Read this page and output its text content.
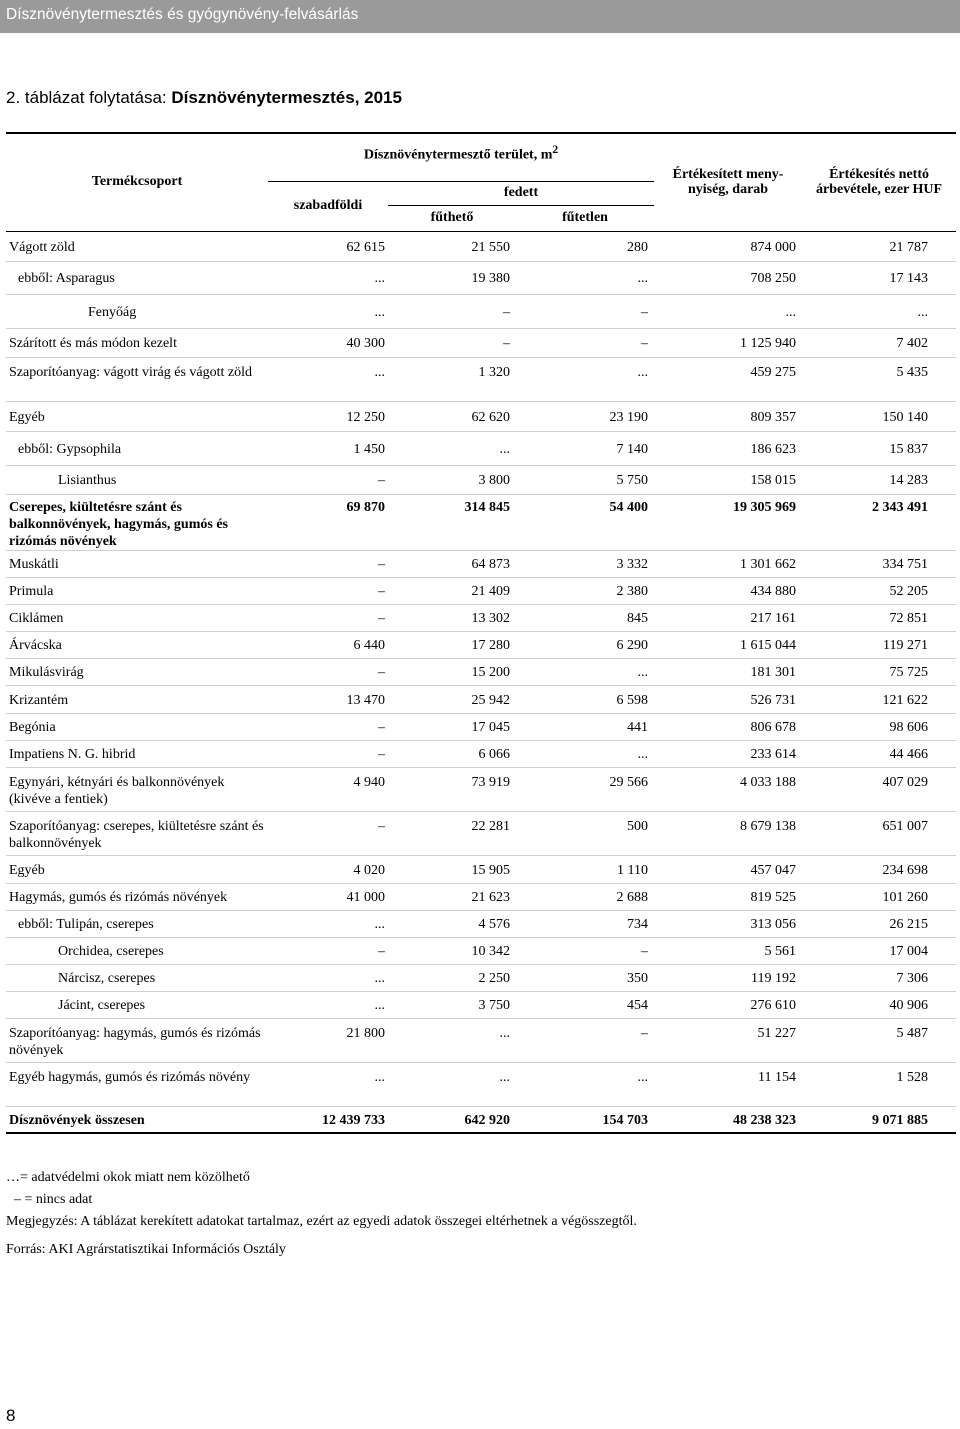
Dísznövénytermesztés és gyógynövény-felvásárlás
2. táblázat folytatása: Dísznövénytermesztés, 2015
Termékcsoport	Dísznövénytermesztő terület, $m^2$			Értékesített meny-nyiség, darab	Értékesítés nettó árbevétele, ezer HUF
	szabadföldi	fedett			
		fűthető	fűtetlen		
Vágott zöld	62 615	21 550	280	874 000	21 787
ebből: Asparagus	...	19 380	...	708 250	17 143
Fenyőág	...	–	–	...	...
Szárított és más módon kezelt	40 300	–	–	1 125 940	7 402
Szaporítóanyag: vágott virág és vágott zöld	...	1 320	...	459 275	5 435
Egyéb	12 250	62 620	23 190	809 357	150 140
ebből: Gypsophila	1 450	...	7 140	186 623	15 837
Lisianthus	–	3 800	5 750	158 015	14 283
Cserepes, kiültetésre szánt és balkonnövények, hagymás, gumós és rizómás növények	69 870	314 845	54 400	19 305 969	2 343 491
Muskátli	–	64 873	3 332	1 301 662	334 751
Primula	–	21 409	2 380	434 880	52 205
Ciklámen	–	13 302	845	217 161	72 851
Árvácska	6 440	17 280	6 290	1 615 044	119 271
Mikulásvirág	–	15 200	...	181 301	75 725
Krizantém	13 470	25 942	6 598	526 731	121 622
Begónia	–	17 045	441	806 678	98 606
Impatiens N. G. hibrid	–	6 066	...	233 614	44 466
Egynyári, kétnyári és balkonnövények (kivéve a fentiek)	4 940	73 919	29 566	4 033 188	407 029
Szaporítóanyag: cserepes, kiültetésre szánt és balkonnövények	–	22 281	500	8 679 138	651 007
Egyéb	4 020	15 905	1 110	457 047	234 698
Hagymás, gumós és rizómás növények	41 000	21 623	2 688	819 525	101 260
ebből: Tulipán, cserepes	...	4 576	734	313 056	26 215
Orchidea, cserepes	–	10 342	–	5 561	17 004
Nárcisz, cserepes	...	2 250	350	119 192	7 306
Jácint, cserepes	...	3 750	454	276 610	40 906
Szaporítóanyag: hagymás, gumós és rizómás növények	21 800	...	–	51 227	5 487
Egyéb hagymás, gumós és rizómás növény	...	...	...	11 154	1 528
Dísznövények összesen	12 439 733	642 920	154 703	48 238 323	9 071 885
…= adatvédelmi okok miatt nem közölhető
– = nincs adat
Megjegyzés: A táblázat kerekített adatokat tartalmaz, ezért az egyedi adatok összegei eltérhetnek a végösszegtől.
Forrás: AKI Agrárstatisztikai Információs Osztály
8
